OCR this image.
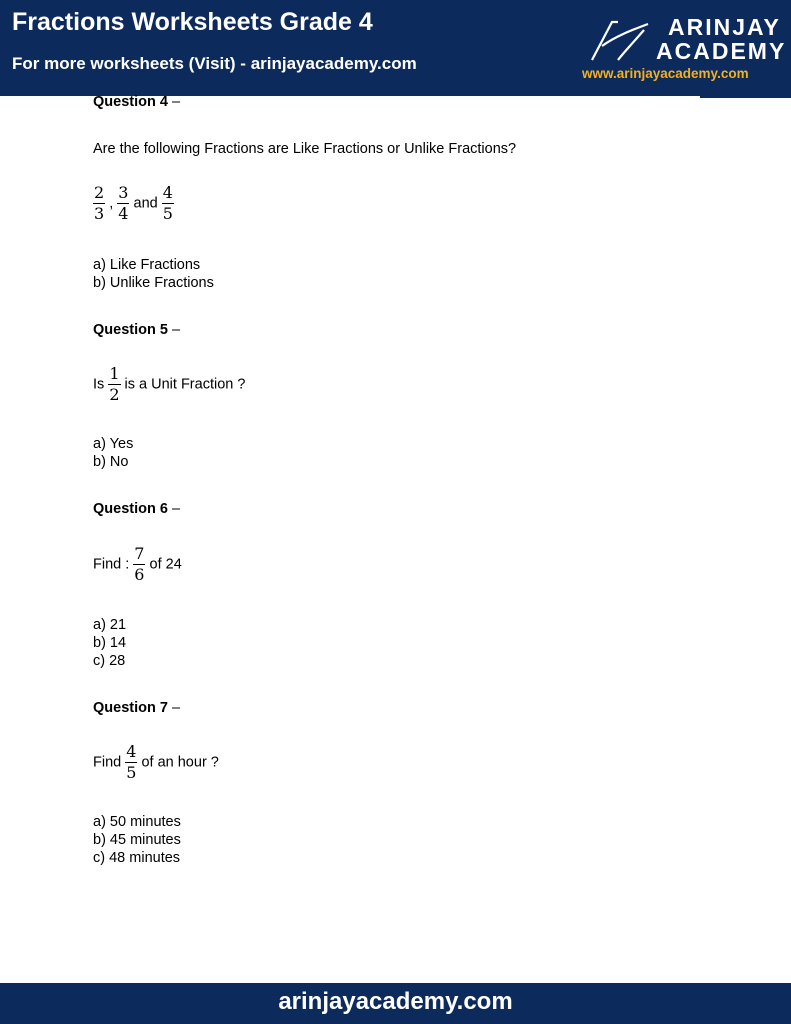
Fractions Worksheets Grade 4
For more worksheets (Visit) - arinjayacademy.com
ARINJAY
ACADEMY
www.arinjayacademy.com
Question 4 –
Are the following Fractions are Like Fractions or Unlike Fractions?
$\frac{2}{3}$ , $\frac{3}{4}$ and $\frac{4}{5}$
a) Like Fractions
b) Unlike Fractions
Question 5 –
Is $\frac{1}{2}$ is a Unit Fraction ?
a) Yes
b) No
Question 6 –
Find : $\frac{7}{6}$ of 24
a) 21
b) 14
c) 28
Question 7 –
Find $\frac{4}{5}$ of an hour ?
a) 50 minutes
b) 45 minutes
c) 48 minutes
arinjayacademy.com
